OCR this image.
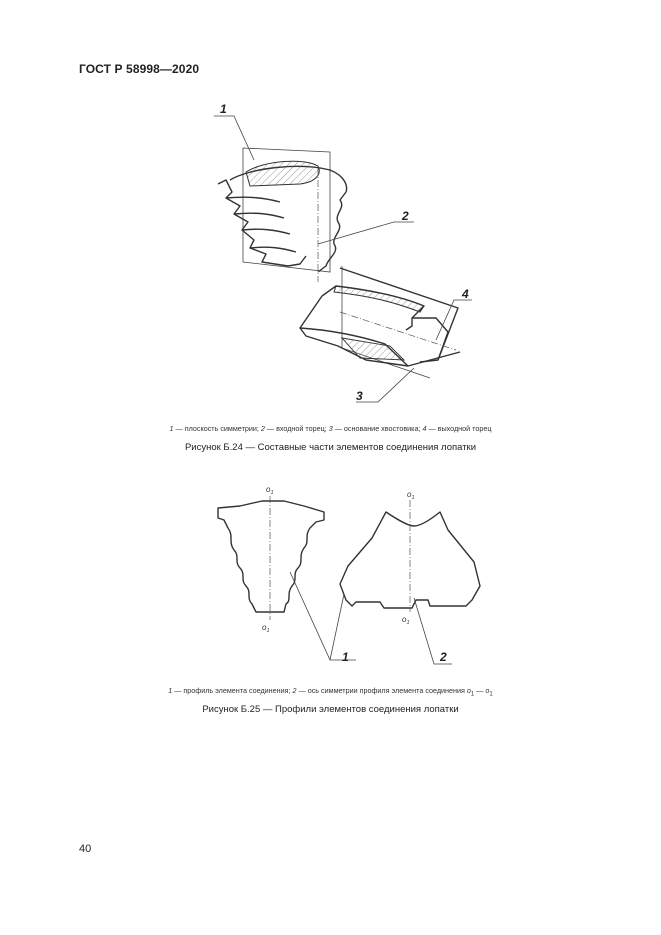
ГОСТ Р 58998—2020
1
2
4
3
1 — плоскость симметрии; 2 — входной торец; 3 — основание хвостовика; 4 — выходной торец
Рисунок Б.24 — Составные части элементов соединения лопатки
$o_1$
$o_1$
$o_1$
$o_1$
1	2
1 — профиль элемента соединения; 2 — ось симметрии профиля элемента соединения $o_1$ — $o_1$
Рисунок Б.25 — Профили элементов соединения лопатки
40
